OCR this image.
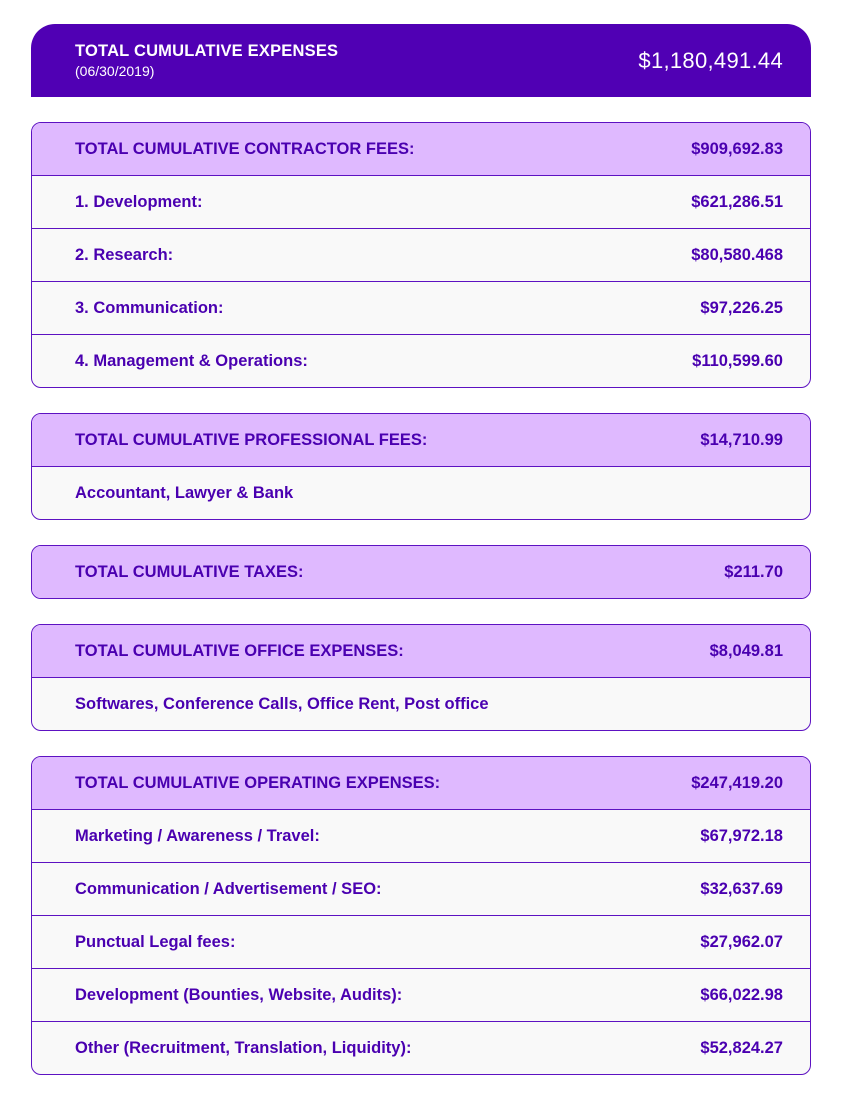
TOTAL CUMULATIVE EXPENSES
(06/30/2019)	$1,180,491.44
TOTAL CUMULATIVE CONTRACTOR FEES:	$909,692.83
1. Development:	$621,286.51
2. Research:	$80,580.468
3. Communication:	$97,226.25
4. Management & Operations:	$110,599.60
TOTAL CUMULATIVE PROFESSIONAL FEES:	$14,710.99
Accountant, Lawyer & Bank
TOTAL CUMULATIVE TAXES:	$211.70
TOTAL CUMULATIVE OFFICE EXPENSES:	$8,049.81
Softwares, Conference Calls, Office Rent, Post office
TOTAL CUMULATIVE OPERATING EXPENSES:	$247,419.20
Marketing / Awareness / Travel:	$67,972.18
Communication / Advertisement / SEO:	$32,637.69
Punctual Legal fees:	$27,962.07
Development (Bounties, Website, Audits):	$66,022.98
Other (Recruitment, Translation, Liquidity):	$52,824.27
